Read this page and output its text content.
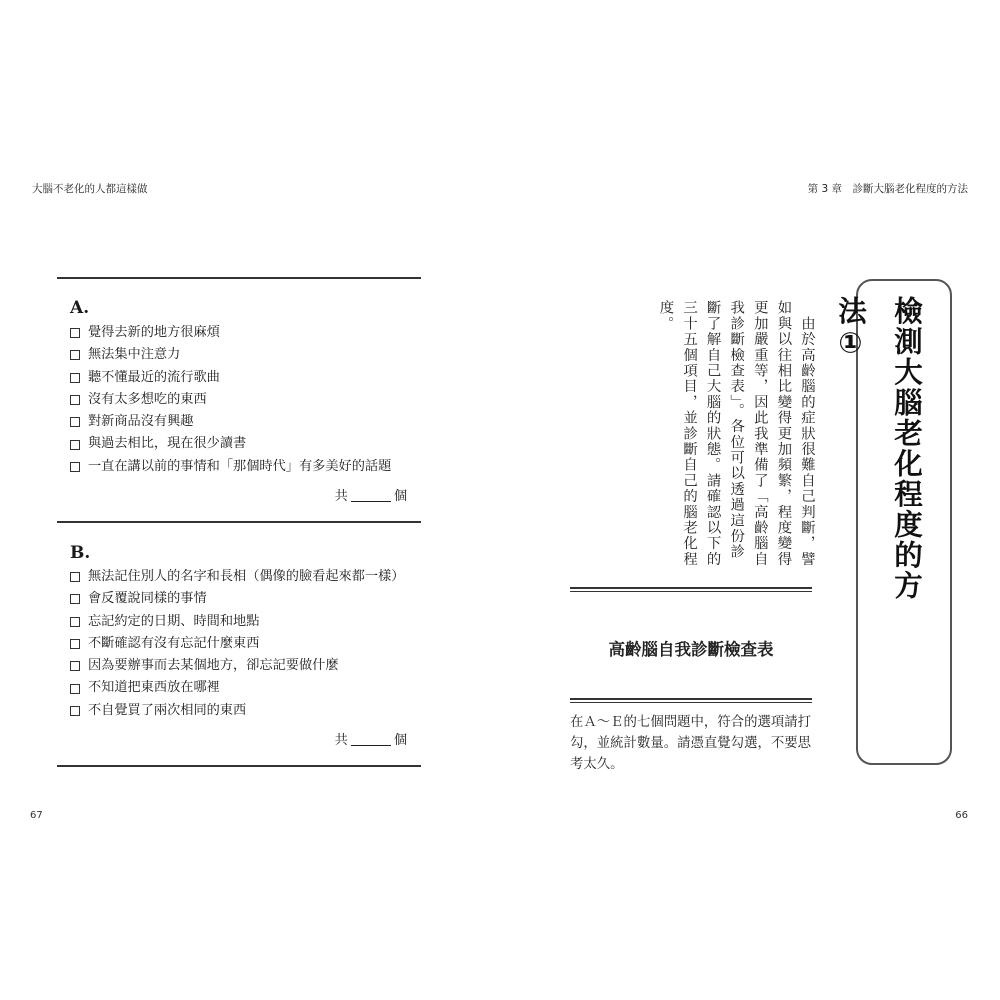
大腦不老化的人都這樣做
A.
覺得去新的地方很麻煩
無法集中注意力
聽不懂最近的流行歌曲
沒有太多想吃的東西
對新商品沒有興趣
與過去相比，現在很少讀書
一直在講以前的事情和「那個時代」有多美好的話題
共	個
B.
無法記住別人的名字和長相（偶像的臉看起來都一樣）
會反覆說同樣的事情
忘記約定的日期、時間和地點
不斷確認有沒有忘記什麼東西
因為要辦事而去某個地方，卻忘記要做什麼
不知道把東西放在哪裡
不自覺買了兩次相同的東西
共	個
67
第 3 章　診斷大腦老化程度的方法
檢測大腦老化程度的方法①
　由於高齡腦的症狀很難自己判斷，譬如與以往相比變得更加頻繁，程度變得更加嚴重等，因此我準備了「高齡腦自我診斷檢查表」。各位可以透過這份診斷了解自己大腦的狀態。請確認以下的三十五個項目，並診斷自己的腦老化程度。
高齡腦自我診斷檢查表
在Ａ～Ｅ的七個問題中，符合的選項請打勾，並統計數量。請憑直覺勾選，不要思考太久。
66
